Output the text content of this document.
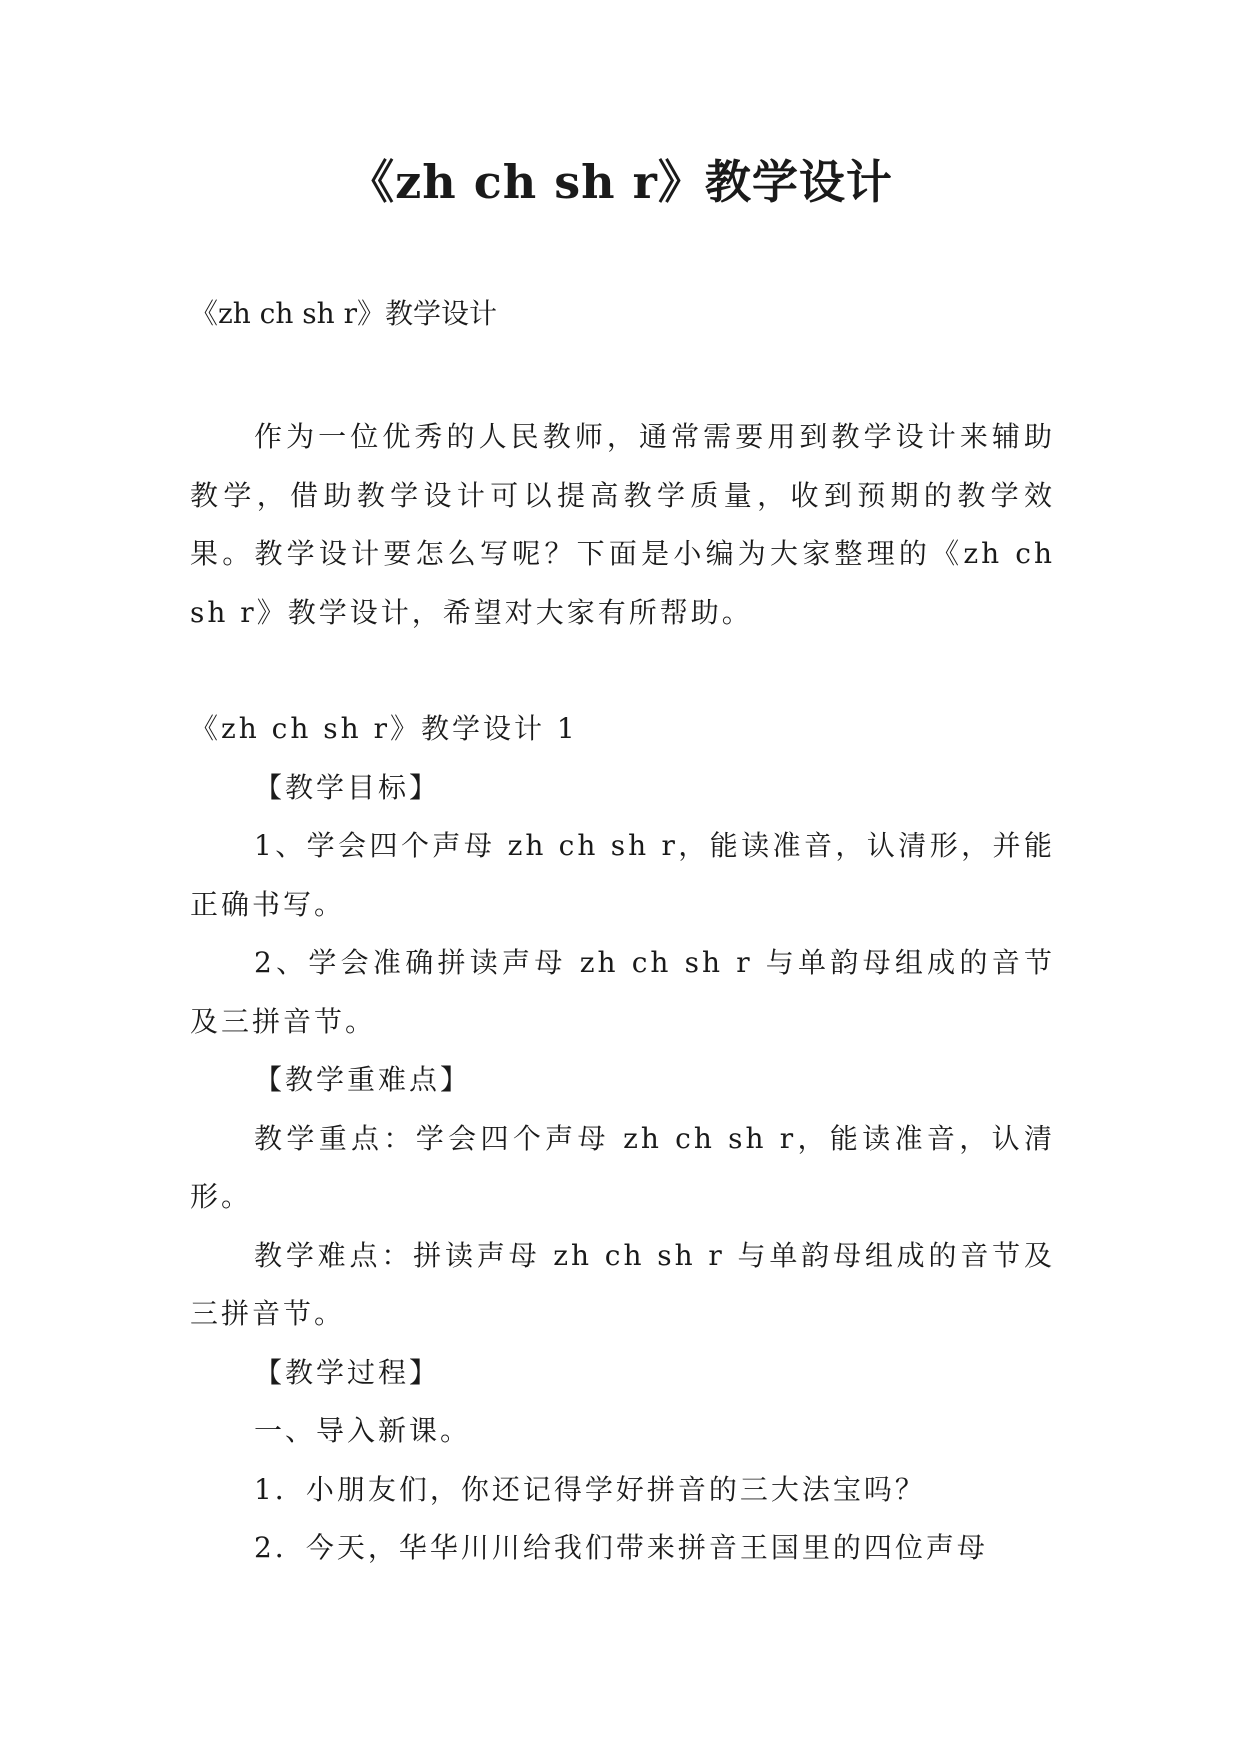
《zh ch sh r》教学设计
《zh ch sh r》教学设计

作为一位优秀的人民教师，通常需要用到教学设计来辅助教学，借助教学设计可以提高教学质量，收到预期的教学效果。教学设计要怎么写呢？下面是小编为大家整理的《zh ch sh r》教学设计，希望对大家有所帮助。

《zh ch sh r》教学设计 1

【教学目标】

1、学会四个声母 zh ch sh r，能读准音，认清形，并能正确书写。

2、学会准确拼读声母 zh ch sh r 与单韵母组成的音节及三拼音节。

【教学重难点】

教学重点：学会四个声母 zh ch sh r，能读准音，认清形。

教学难点：拼读声母 zh ch sh r 与单韵母组成的音节及三拼音节。

【教学过程】

一、导入新课。

1．小朋友们，你还记得学好拼音的三大法宝吗？

2．今天，华华川川给我们带来拼音王国里的四位声母
